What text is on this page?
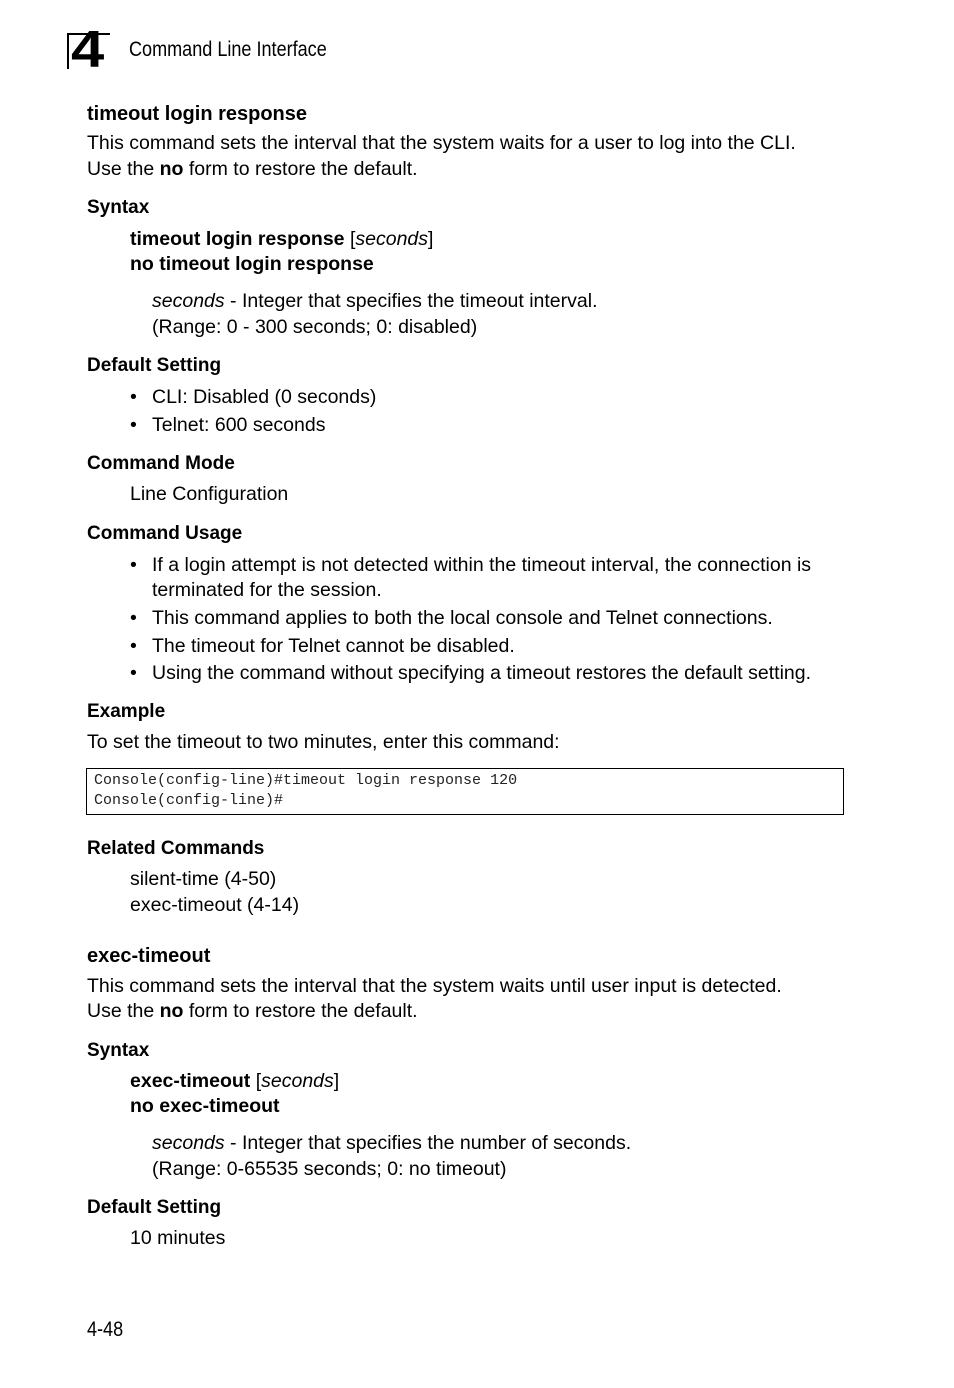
4 Command Line Interface
timeout login response
This command sets the interval that the system waits for a user to log into the CLI.
Use the no form to restore the default.
Syntax
timeout login response [seconds]
no timeout login response
seconds - Integer that specifies the timeout interval.
(Range: 0 - 300 seconds; 0: disabled)
Default Setting
• CLI: Disabled (0 seconds)
• Telnet: 600 seconds
Command Mode
Line Configuration
Command Usage
• If a login attempt is not detected within the timeout interval, the connection is
terminated for the session.
• This command applies to both the local console and Telnet connections.
• The timeout for Telnet cannot be disabled.
• Using the command without specifying a timeout restores the default setting.
Example
To set the timeout to two minutes, enter this command:
Console(config-line)#timeout login response 120
Console(config-line)#
Related Commands
silent-time (4-50)
exec-timeout (4-14)
exec-timeout
This command sets the interval that the system waits until user input is detected.
Use the no form to restore the default.
Syntax
exec-timeout [seconds]
no exec-timeout
seconds - Integer that specifies the number of seconds.
(Range: 0-65535 seconds; 0: no timeout)
Default Setting
10 minutes
4-48
